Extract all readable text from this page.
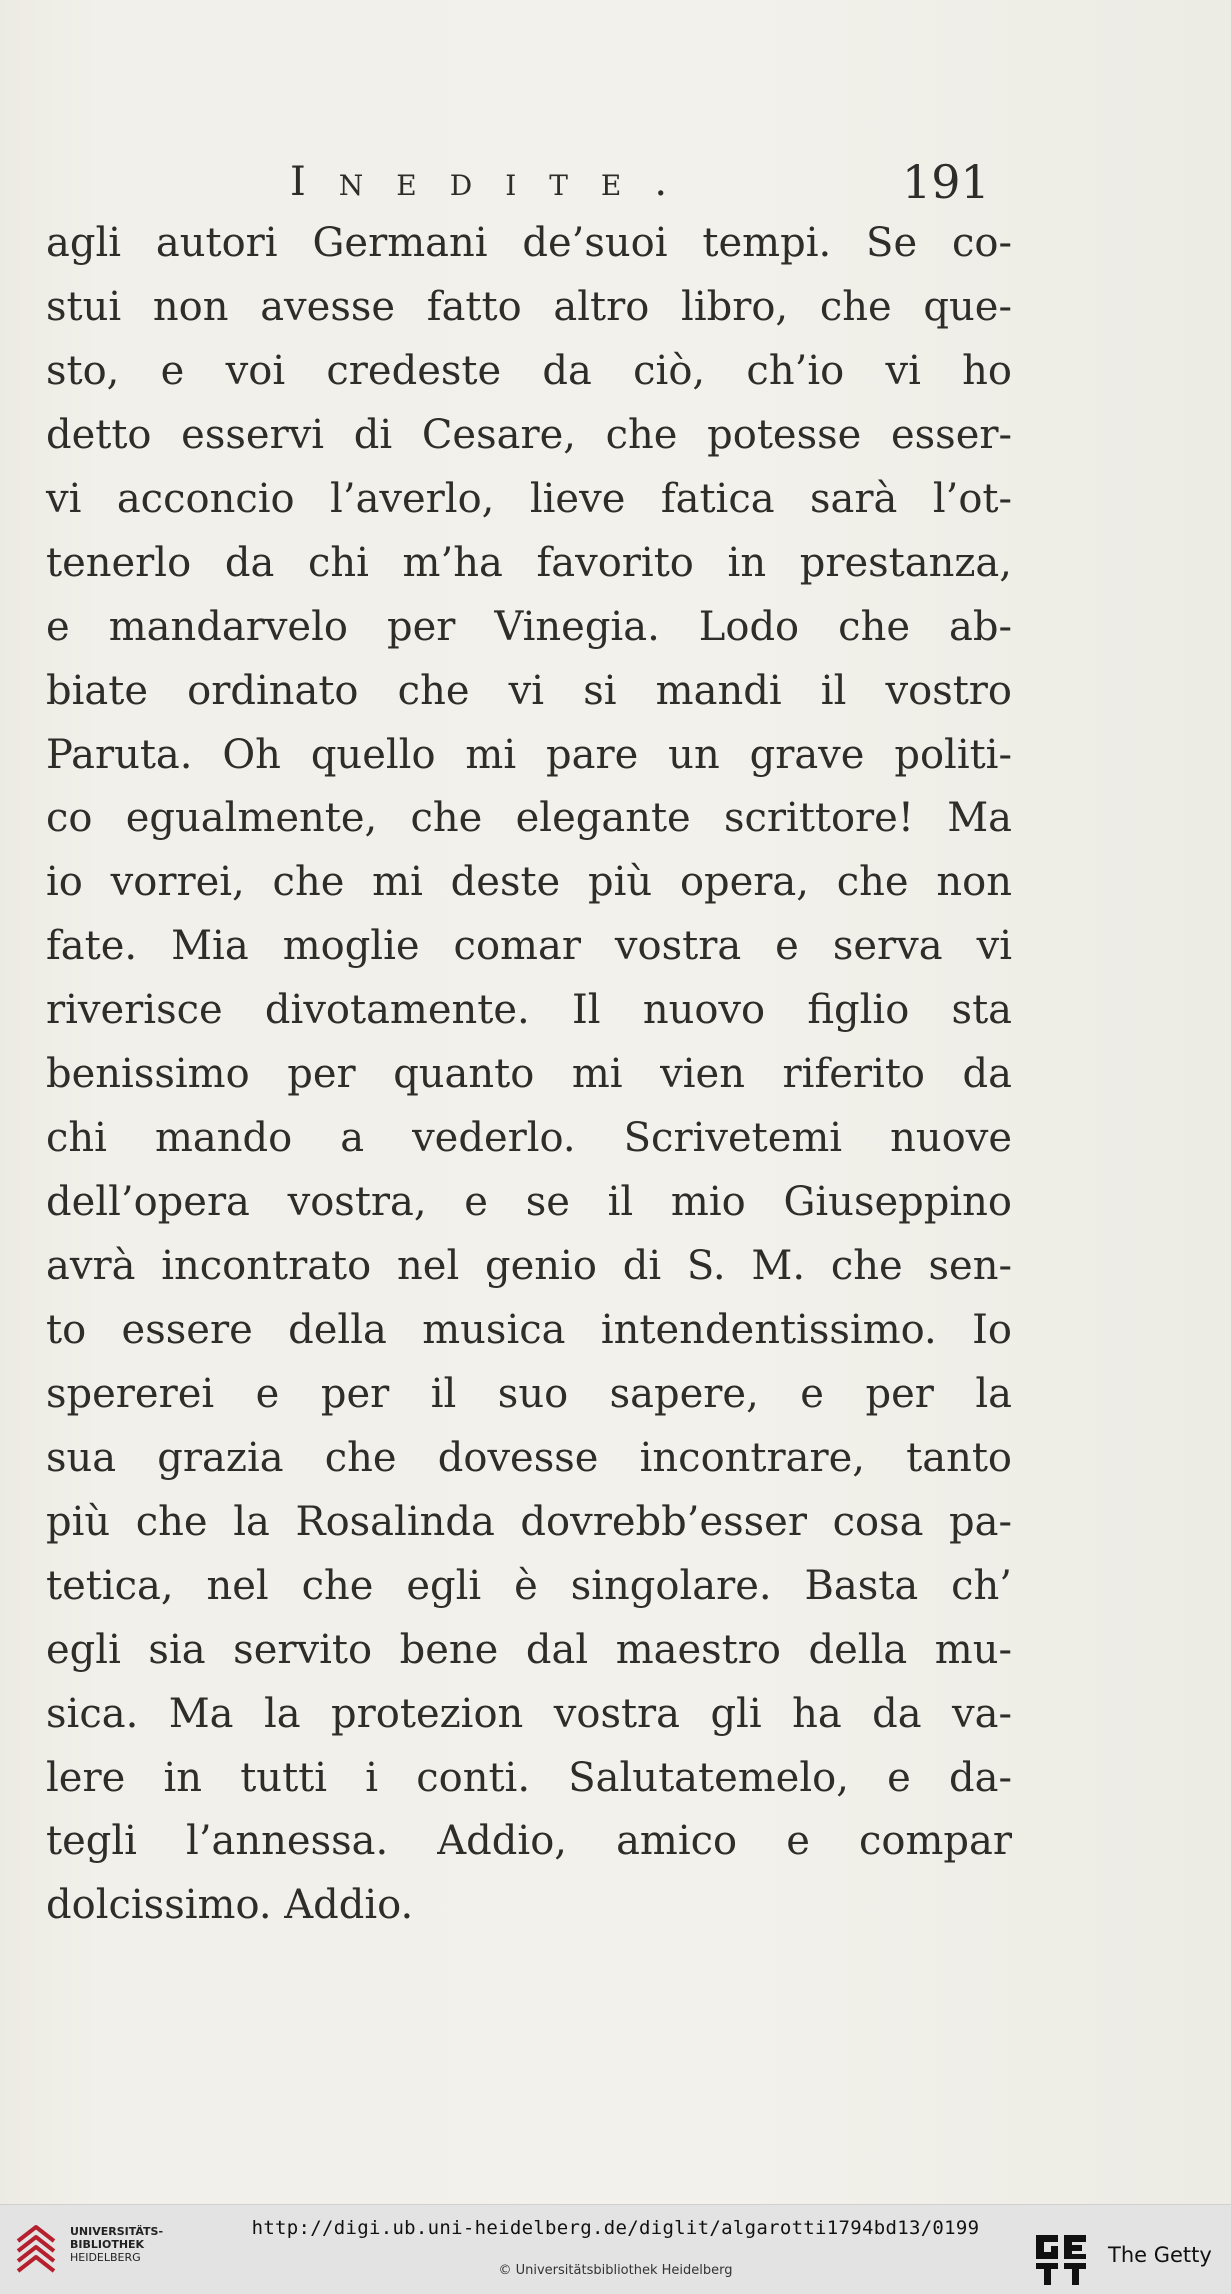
Inedite.	191
agli autori Germani de’suoi tempi. Se co-
stui non avesse fatto altro libro, che que-
sto, e voi credeste da ciò, ch’io vi ho
detto esservi di Cesare, che potesse esser-
vi acconcio l’averlo, lieve fatica sarà l’ot-
tenerlo da chi m’ha favorito in prestanza,
e mandarvelo per Vinegia. Lodo che ab-
biate ordinato che vi si mandi il vostro
Paruta. Oh quello mi pare un grave politi-
co egualmente, che elegante scrittore! Ma
io vorrei, che mi deste più opera, che non
fate. Mia moglie comar vostra e serva vi
riverisce divotamente. Il nuovo figlio sta
benissimo per quanto mi vien riferito da
chi mando a vederlo. Scrivetemi nuove
dell’opera vostra, e se il mio Giuseppino
avrà incontrato nel genio di S. M. che sen-
to essere della musica intendentissimo. Io
spererei e per il suo sapere, e per la
sua grazia che dovesse incontrare, tanto
più che la Rosalinda dovrebb’esser cosa pa-
tetica, nel che egli è singolare. Basta ch’
egli sia servito bene dal maestro della mu-
sica. Ma la protezion vostra gli ha da va-
lere in tutti i conti. Salutatemelo, e da-
tegli l’annessa. Addio, amico e compar
dolcissimo. Addio.
UNIVERSITÄTS-
BIBLIOTHEK
HEIDELBERG
http://digi.ub.uni-heidelberg.de/diglit/algarotti1794bd13/0199
© Universitätsbibliothek Heidelberg
The Getty
